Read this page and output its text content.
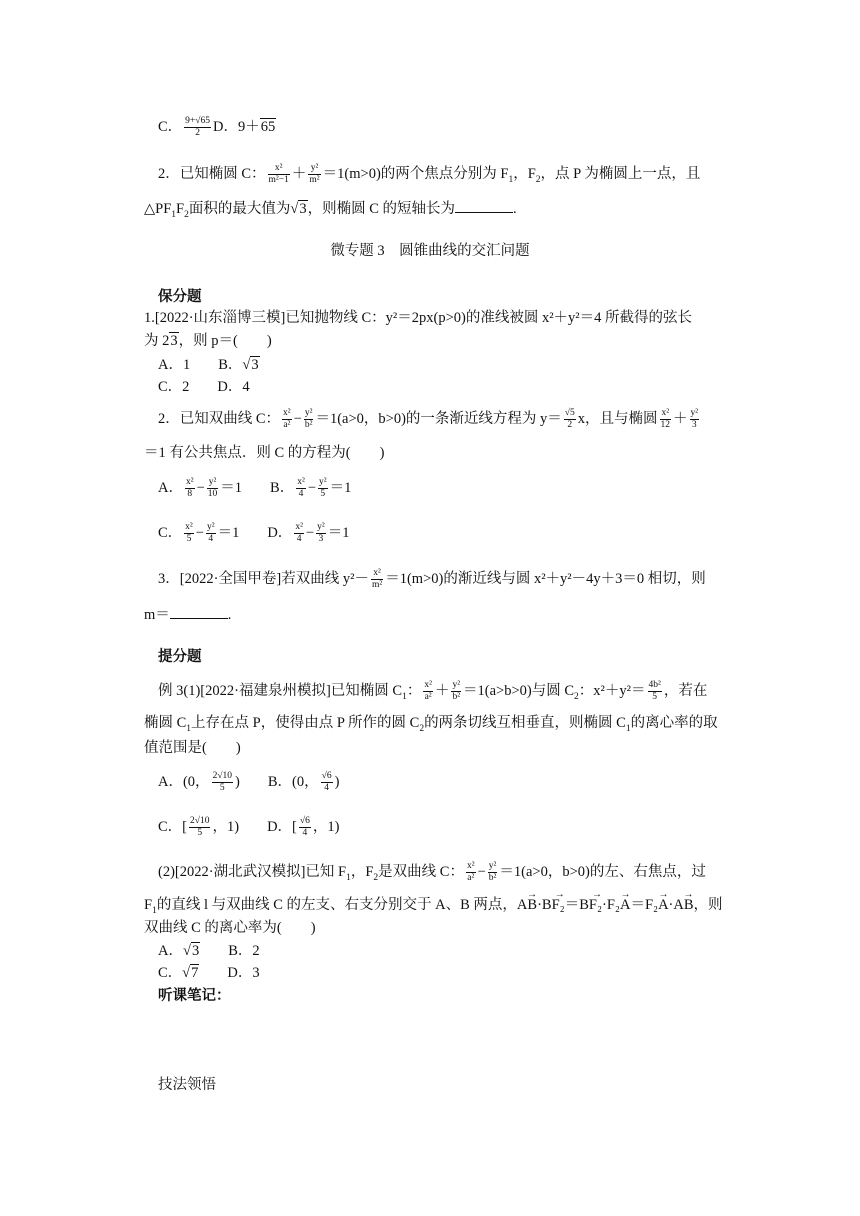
C． $\frac{9+√65}{2}$ D．9＋65
2．已知椭圆 C： $\frac{\text{x²}}{\text{m²−1}} + \frac{\text{y²}}{\text{m²}} =1(m>0)$的两个焦点分别为 $F_1$，$F_2$，点 P 为椭圆上一点，且
$\triangle PF_1F_2$面积的最大值为√3，则椭圆 C 的短轴长为	.
微专题 3　圆锥曲线的交汇问题
保分题
1.[2022·山东淄博三模]已知抛物线 C：y²＝2px(p>0)的准线被圆 x²＋y²＝4 所截得的弦长
为 23，则 p＝(　　)
A．1 B．√3
C．2 D．4
2．已知双曲线 C： $\frac{\text{x²}}{\text{a²}} - \frac{\text{y²}}{\text{b²}} =1(a>0$，b>0)的一条渐近线方程为 $y= \frac{√5}{2}$ x，且与椭圆 $\frac{\text{x²}}{12} + \frac{\text{y²}}{3}$
＝1 有公共焦点．则 C 的方程为(　　)
A． $\frac{\text{x²}}{8} - \frac{\text{y²}}{10} =1$ B． $\frac{\text{x²}}{4} - \frac{\text{y²}}{5} =1$
C． $\frac{\text{x²}}{5} - \frac{\text{y²}}{4} =1$ D． $\frac{\text{x²}}{4} - \frac{\text{y²}}{3} =1$
3．[2022·全国甲卷]若双曲线 $y^2- \frac{\text{x²}}{\text{m²}} =1(m>0)$的渐近线与圆 x²＋y²－4y＋3＝0 相切，则
m＝	.
提分题
例 3(1)[2022·福建泉州模拟]已知椭圆 $C_1$： $\frac{\text{x²}}{\text{a²}} + \frac{\text{y²}}{\text{b²}} =1(a>b>0)$与圆 $C_2$：$x^2+y^2= \frac{\text{4b²}}{5}$ ，若在
椭圆 $C_1$上存在点 P，使得由点 P 所作的圆 $C_2$的两条切线互相垂直，则椭圆 $C_1$的离心率的取
值范围是(　　)
A．(0， $\frac{2√10}{5}$ ) B．(0， $\frac{√6}{4}$ )
C．[ $\frac{2√10}{5}$ ，1) D．[ $\frac{√6}{4}$ ，1)
(2)[2022·湖北武汉模拟]已知 $F_1$，$F_2$是双曲线 C： $\frac{\text{x²}}{\text{a²}} - \frac{\text{y²}}{\text{b²}} =1(a>0$，b>0)的左、右焦点，过
$F_1$的直线 l 与双曲线 C 的左支、右支分别交于 A、B 两点，→ AB·→ BF₂＝→ BF₂·→ F₂A＝→ F₂A·→ AB，则
双曲线 C 的离心率为(　　)
A．√3 B．2
C．√7 D．3
听课笔记：
技法领悟
